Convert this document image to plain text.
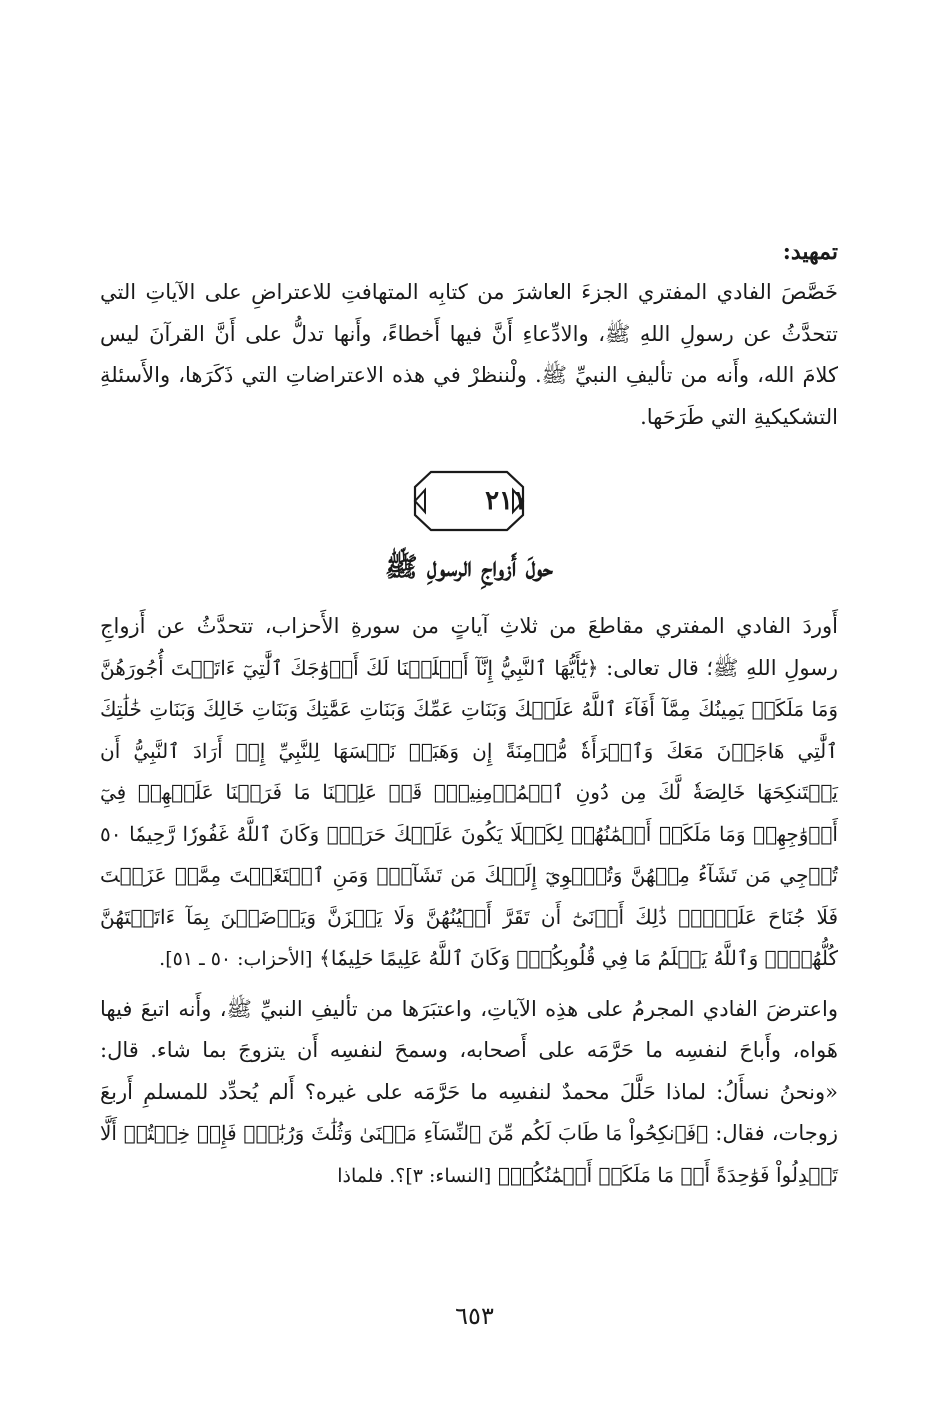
تمهيد:

خَصَّصَ الفادي المفتري الجزءَ العاشرَ من كتابِه المتهافتِ للاعتراضِ على الآياتِ التي تتحدَّثُ عن رسولِ اللهِ ﷺ، والادِّعاءِ أَنَّ فيها أَخطاءً، وأَنها تدلُّ على أَنَّ القرآنَ ليس كلامَ الله، وأَنه من تأليفِ النبيِّ ﷺ. ولْننظرْ في هذه الاعتراضاتِ التي ذَكَرَها، والأَسئلةِ التشكيكيةِ التي طَرَحَها.

٢١١
حولَ أَزواجِ الرسولِ ﷺ

أَوردَ الفادي المفتري مقاطعَ من ثلاثِ آياتٍ من سورةِ الأَحزاب، تتحدَّثُ عن أَزواجِ رسولِ اللهِ ﷺ؛ قال تعالى: ﴿يَٰٓأَيُّهَا ٱلنَّبِيُّ إِنَّآ أَحۡلَلۡنَا لَكَ أَزۡوَٰجَكَ ٱلَّٰتِيٓ ءَاتَيۡتَ أُجُورَهُنَّ وَمَا مَلَكَتۡ يَمِينُكَ مِمَّآ أَفَآءَ ٱللَّهُ عَلَيۡكَ وَبَنَاتِ عَمِّكَ وَبَنَاتِ عَمَّٰتِكَ وَبَنَاتِ خَالِكَ وَبَنَاتِ خَٰلَٰتِكَ ٱلَّٰتِي هَاجَرۡنَ مَعَكَ وَٱمۡرَأَةٗ مُّؤۡمِنَةً إِن وَهَبَتۡ نَفۡسَهَا لِلنَّبِيِّ إِنۡ أَرَادَ ٱلنَّبِيُّ أَن يَسۡتَنكِحَهَا خَالِصَةٗ لَّكَ مِن دُونِ ٱلۡمُؤۡمِنِينَۗ قَدۡ عَلِمۡنَا مَا فَرَضۡنَا عَلَيۡهِمۡ فِيٓ أَزۡوَٰجِهِمۡ وَمَا مَلَكَتۡ أَيۡمَٰنُهُمۡ لِكَيۡلَا يَكُونَ عَلَيۡكَ حَرَجٞۗ وَكَانَ ٱللَّهُ غَفُورٗا رَّحِيمٗا ٥٠ تُرۡجِي مَن تَشَآءُ مِنۡهُنَّ وَتُـٔۡوِيٓ إِلَيۡكَ مَن تَشَآءُۖ وَمَنِ ٱبۡتَغَيۡتَ مِمَّنۡ عَزَلۡتَ فَلَا جُنَاحَ عَلَيۡكَۚ ذَٰلِكَ أَدۡنَىٰٓ أَن تَقَرَّ أَعۡيُنُهُنَّ وَلَا يَحۡزَنَّ وَيَرۡضَيۡنَ بِمَآ ءَاتَيۡتَهُنَّ كُلُّهُنَّۚ وَٱللَّهُ يَعۡلَمُ مَا فِي قُلُوبِكُمۡۚ وَكَانَ ٱللَّهُ عَلِيمًا حَلِيمٗا﴾ [الأحزاب: ٥٠ ـ ٥١].

واعترضَ الفادي المجرمُ على هذِه الآياتِ، واعتبَرَها من تأليفِ النبيِّ ﷺ، وأَنه اتبعَ فيها هَواه، وأَباحَ لنفسِه ما حَرَّمَه على أَصحابه، وسمحَ لنفسِه أَن يتزوجَ بما شاء. قال: «ونحنُ نسأَلُ: لماذا حَلَّلَ محمدٌ لنفسِه ما حَرَّمَه على غيره؟ أَلم يُحدِّد للمسلمِ أَربعَ زوجات، فقال: ﴿فَٱنكِحُواْ مَا طَابَ لَكُم مِّنَ ٱلنِّسَآءِ مَثۡنَىٰ وَثُلَٰثَ وَرُبَٰعَۖ فَإِنۡ خِفۡتُمۡ أَلَّا تَعۡدِلُواْ فَوَٰحِدَةً أَوۡ مَا مَلَكَتۡ أَيۡمَٰنُكُمۡ﴾ [النساء: ٣]؟. فلماذا

٦٥٣
